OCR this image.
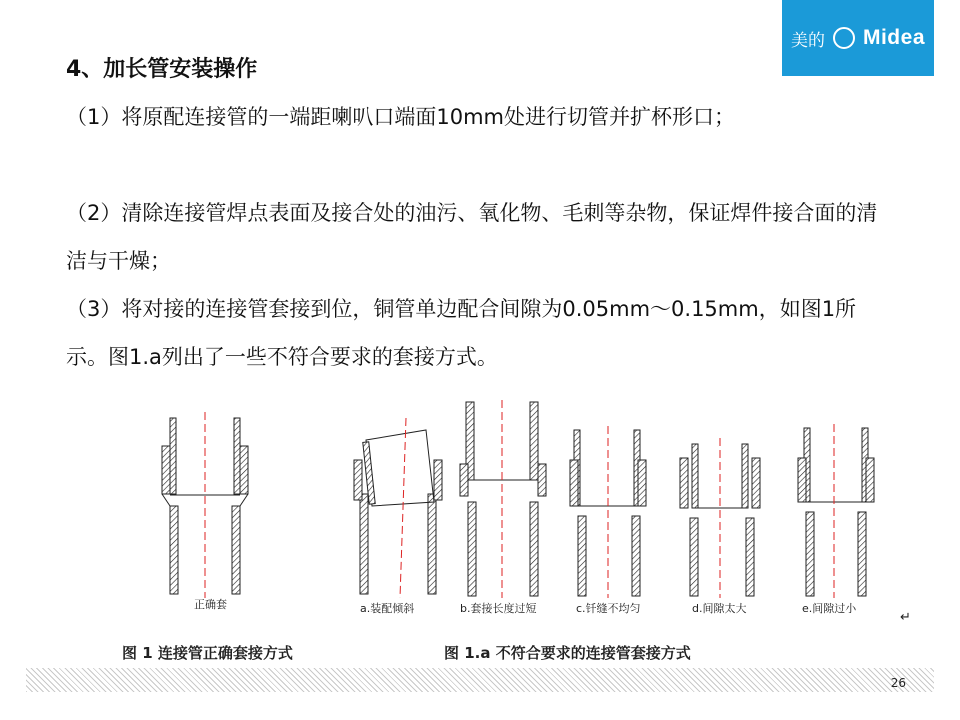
美的 Midea
4、加长管安装操作
（1）将原配连接管的一端距喇叭口端面10mm处进行切管并扩杯形口；
（2）清除连接管焊点表面及接合处的油污、氧化物、毛刺等杂物，保证焊件接合面的清洁与干燥；
（3）将对接的连接管套接到位，铜管单边配合间隙为0.05mm～0.15mm，如图1所示。图1.a列出了一些不符合要求的套接方式。
正确套	a.装配倾斜	b.套接长度过短	c.钎缝不均匀	d.间隙太大	e.间隙过小
↵
图 1 连接管正确套接方式	图 1.a 不符合要求的连接管套接方式
26
